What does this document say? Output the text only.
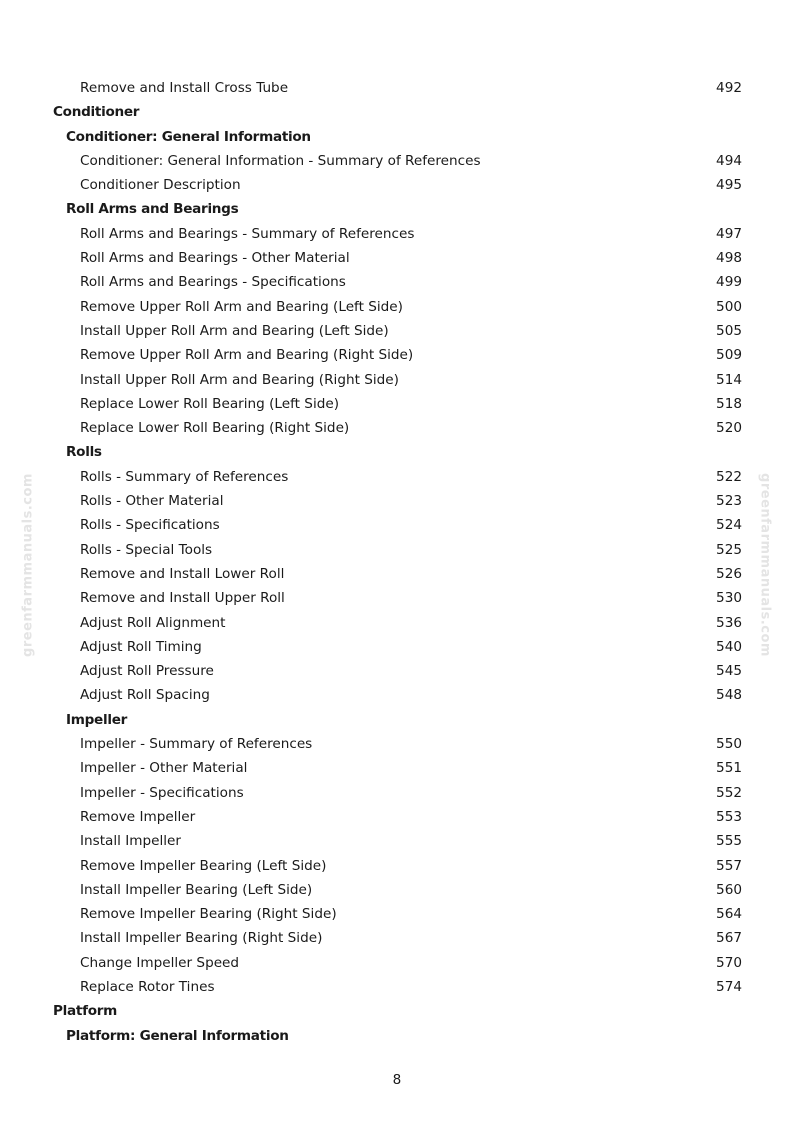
greenfarmmanuals.com	greenfarmmanuals.com
Remove and Install Cross Tube	492
Conditioner
Conditioner: General Information
Conditioner: General Information - Summary of References	494
Conditioner Description	495
Roll Arms and Bearings
Roll Arms and Bearings - Summary of References	497
Roll Arms and Bearings - Other Material	498
Roll Arms and Bearings - Specifications	499
Remove Upper Roll Arm and Bearing (Left Side)	500
Install Upper Roll Arm and Bearing (Left Side)	505
Remove Upper Roll Arm and Bearing (Right Side)	509
Install Upper Roll Arm and Bearing (Right Side)	514
Replace Lower Roll Bearing (Left Side)	518
Replace Lower Roll Bearing (Right Side)	520
Rolls
Rolls - Summary of References	522
Rolls - Other Material	523
Rolls - Specifications	524
Rolls - Special Tools	525
Remove and Install Lower Roll	526
Remove and Install Upper Roll	530
Adjust Roll Alignment	536
Adjust Roll Timing	540
Adjust Roll Pressure	545
Adjust Roll Spacing	548
Impeller
Impeller - Summary of References	550
Impeller - Other Material	551
Impeller - Specifications	552
Remove Impeller	553
Install Impeller	555
Remove Impeller Bearing (Left Side)	557
Install Impeller Bearing (Left Side)	560
Remove Impeller Bearing (Right Side)	564
Install Impeller Bearing (Right Side)	567
Change Impeller Speed	570
Replace Rotor Tines	574
Platform
Platform: General Information
8
